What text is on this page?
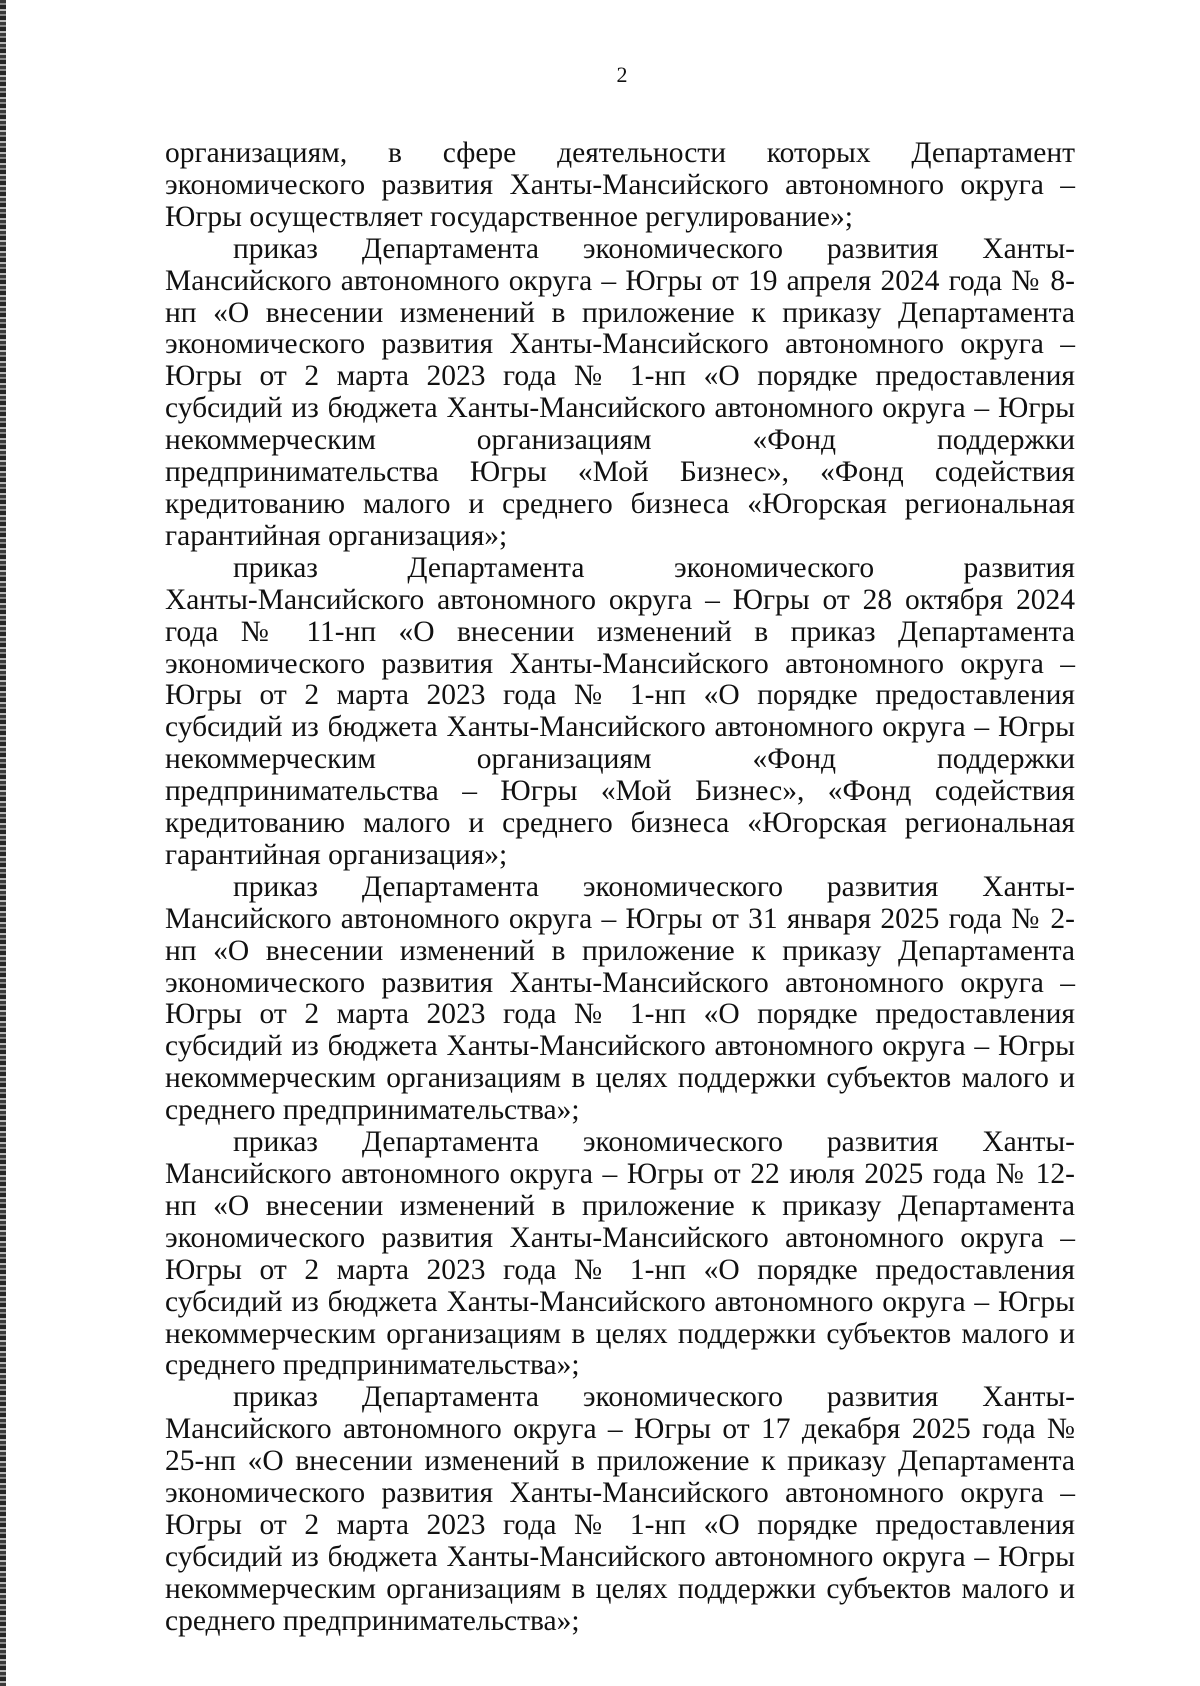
2

организациям, в сфере деятельности которых Департамент экономического развития Ханты-Мансийского автономного округа – Югры осуществляет государственное регулирование»;

приказ Департамента экономического развития Ханты-Мансийского автономного округа – Югры от 19 апреля 2024 года № 8-нп «О внесении изменений в приложение к приказу Департамента экономического развития Ханты-Мансийского автономного округа – Югры от 2 марта 2023 года № 1-нп «О порядке предоставления субсидий из бюджета Ханты-Мансийского автономного округа – Югры некоммерческим организациям «Фонд поддержки предпринимательства Югры «Мой Бизнес», «Фонд содействия кредитованию малого и среднего бизнеса «Югорская региональная гарантийная организация»;

приказ Департамента экономического развития

Ханты-Мансийского автономного округа – Югры от 28 октября 2024 года № 11-нп «О внесении изменений в приказ Департамента экономического развития Ханты-Мансийского автономного округа – Югры от 2 марта 2023 года № 1-нп «О порядке предоставления субсидий из бюджета Ханты-Мансийского автономного округа – Югры некоммерческим организациям «Фонд поддержки предпринимательства – Югры «Мой Бизнес», «Фонд содействия кредитованию малого и среднего бизнеса «Югорская региональная гарантийная организация»;

приказ Департамента экономического развития Ханты-Мансийского автономного округа – Югры от 31 января 2025 года № 2-нп «О внесении изменений в приложение к приказу Департамента экономического развития Ханты-Мансийского автономного округа – Югры от 2 марта 2023 года № 1-нп «О порядке предоставления субсидий из бюджета Ханты-Мансийского автономного округа – Югры некоммерческим организациям в целях поддержки субъектов малого и среднего предпринимательства»;

приказ Департамента экономического развития Ханты-Мансийского автономного округа – Югры от 22 июля 2025 года № 12-нп «О внесении изменений в приложение к приказу Департамента экономического развития Ханты-Мансийского автономного округа – Югры от 2 марта 2023 года № 1-нп «О порядке предоставления субсидий из бюджета Ханты-Мансийского автономного округа – Югры некоммерческим организациям в целях поддержки субъектов малого и среднего предпринимательства»;

приказ Департамента экономического развития Ханты-Мансийского автономного округа – Югры от 17 декабря 2025 года № 25-нп «О внесении изменений в приложение к приказу Департамента экономического развития Ханты-Мансийского автономного округа – Югры от 2 марта 2023 года № 1-нп «О порядке предоставления субсидий из бюджета Ханты-Мансийского автономного округа – Югры некоммерческим организациям в целях поддержки субъектов малого и среднего предпринимательства»;
